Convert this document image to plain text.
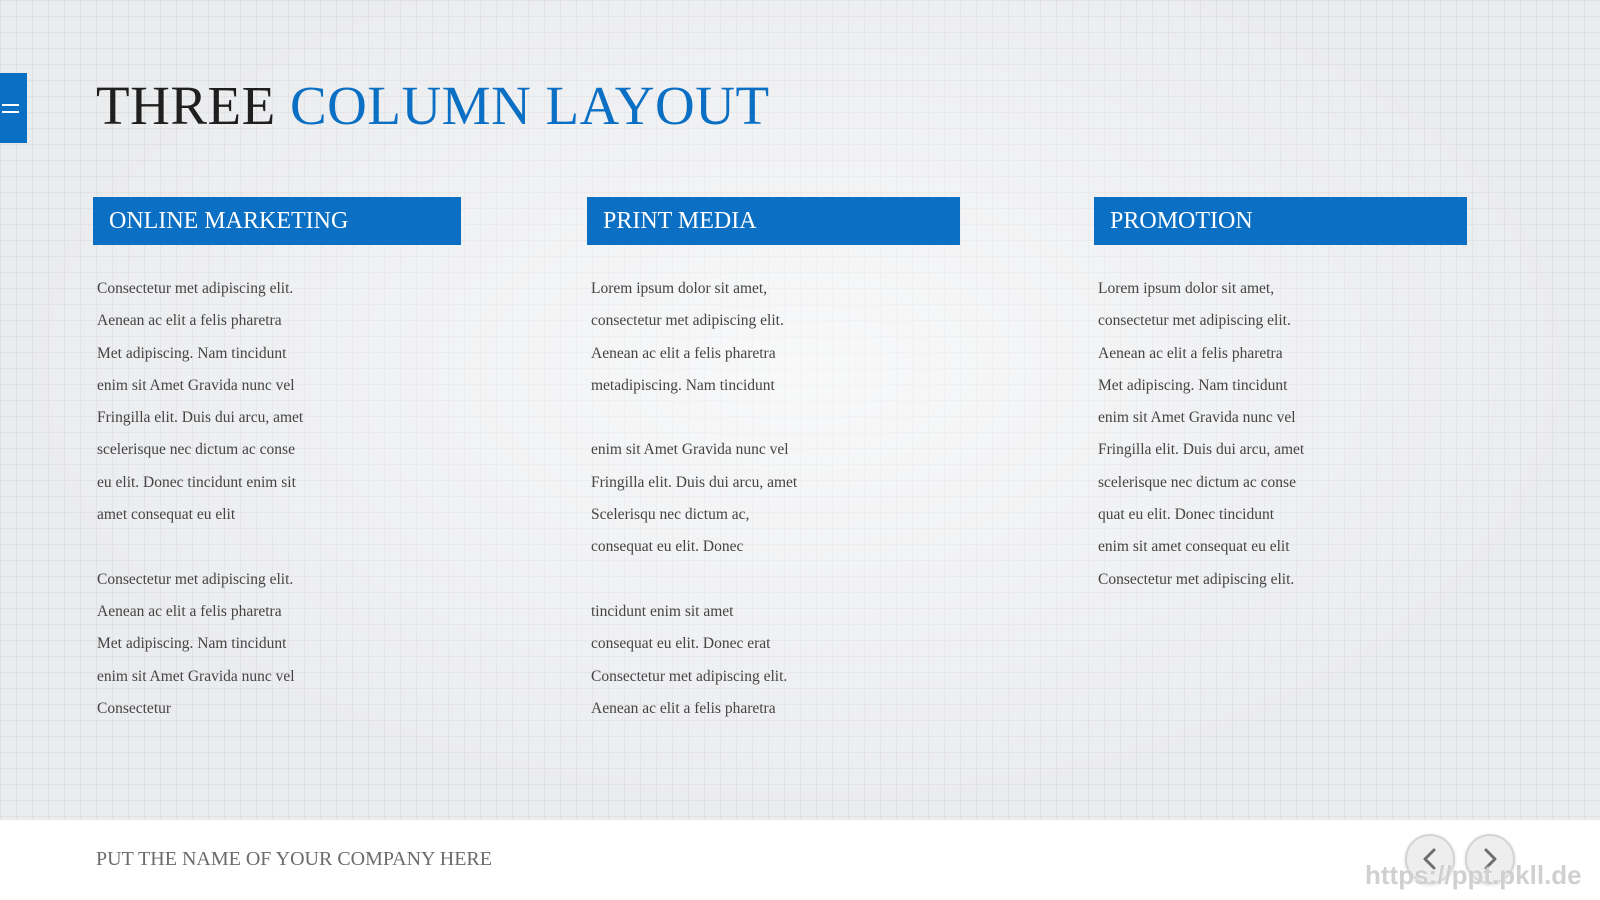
THREE COLUMN LAYOUT
ONLINE MARKETING
Consectetur met adipiscing elit.
Aenean ac elit a felis pharetra
Met adipiscing. Nam tincidunt
enim sit Amet Gravida nunc vel
Fringilla elit. Duis dui arcu, amet
scelerisque nec dictum ac conse
eu elit. Donec tincidunt enim sit
amet consequat eu elit
Consectetur met adipiscing elit.
Aenean ac elit a felis pharetra
Met adipiscing. Nam tincidunt
enim sit Amet Gravida nunc vel
Consectetur
PRINT MEDIA
Lorem ipsum dolor sit amet,
consectetur met adipiscing elit.
Aenean ac elit a felis pharetra
metadipiscing. Nam tincidunt
enim sit Amet Gravida nunc vel
Fringilla elit. Duis dui arcu, amet
Scelerisqu nec dictum ac,
consequat eu elit. Donec
tincidunt enim sit amet
consequat eu elit. Donec erat
Consectetur met adipiscing elit.
Aenean ac elit a felis pharetra
PROMOTION
Lorem ipsum dolor sit amet,
consectetur met adipiscing elit.
Aenean ac elit a felis pharetra
Met adipiscing. Nam tincidunt
enim sit Amet Gravida nunc vel
Fringilla elit. Duis dui arcu, amet
scelerisque nec dictum ac conse
quat eu elit. Donec tincidunt
enim sit amet consequat eu elit
Consectetur met adipiscing elit.
PUT THE NAME OF YOUR COMPANY HERE
https://ppt.pkll.de
